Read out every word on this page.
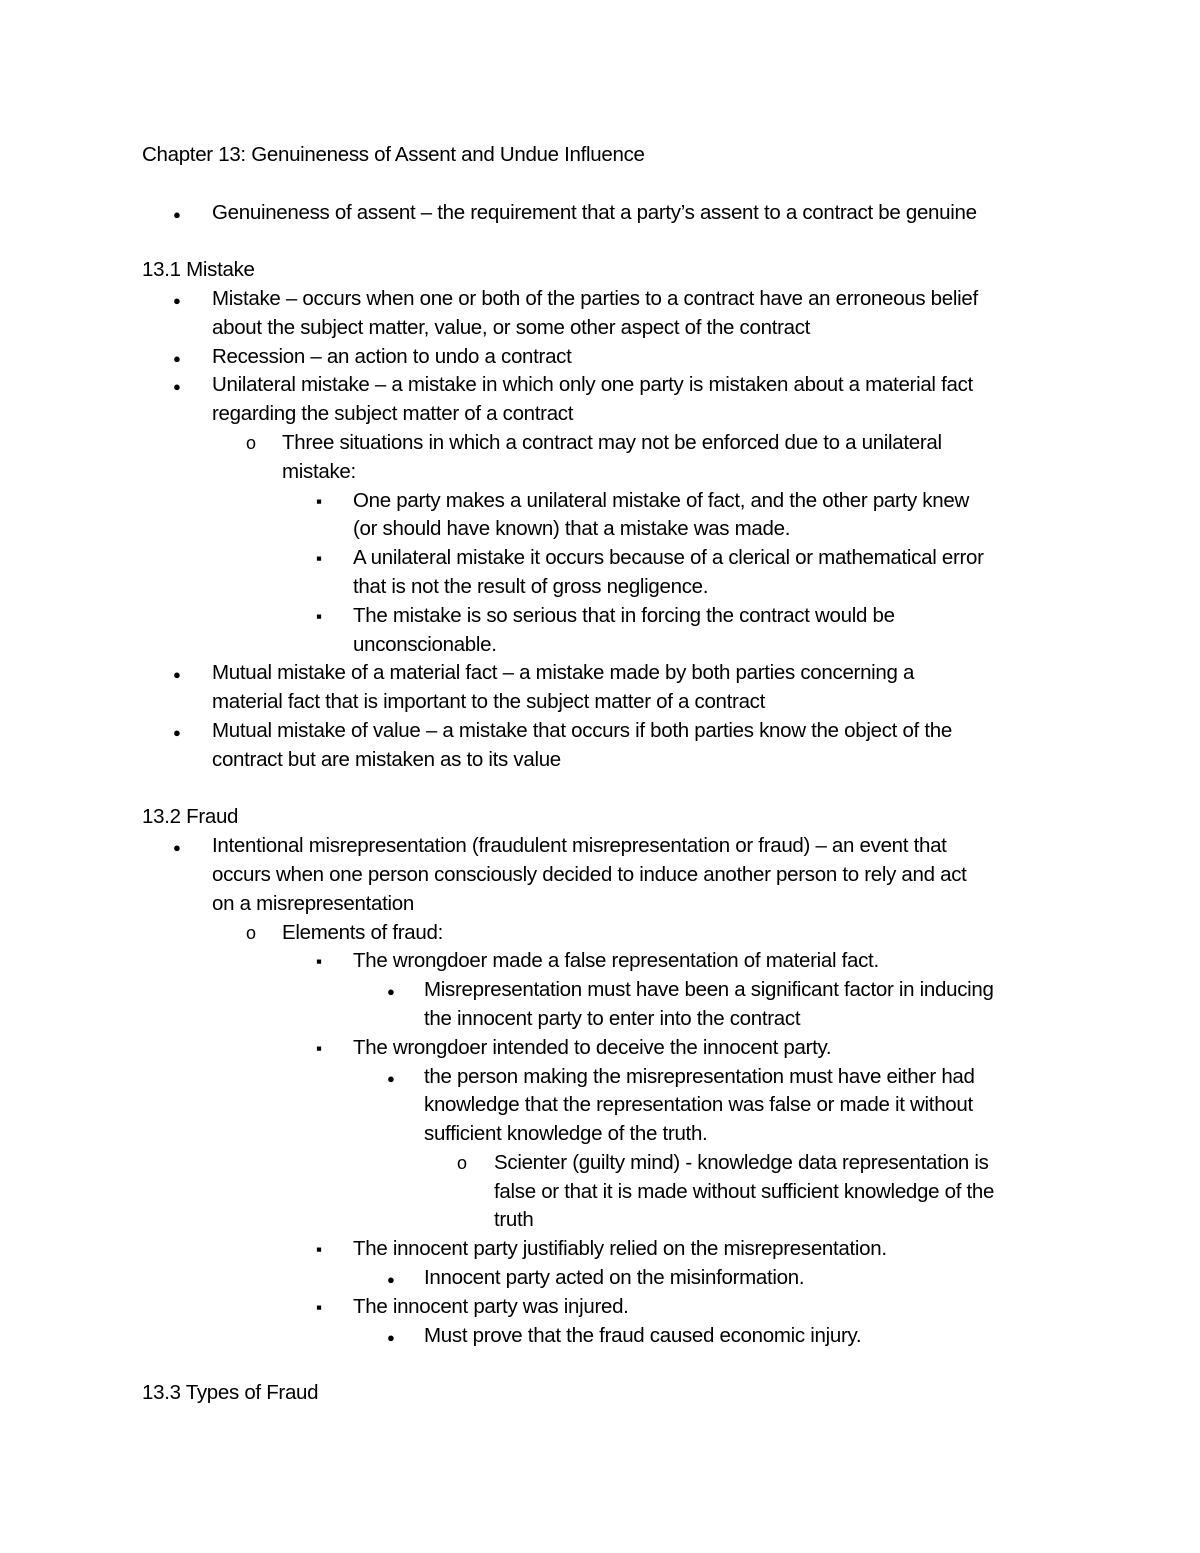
Chapter 13: Genuineness of Assent and Undue Influence
●
Genuineness of assent – the requirement that a party’s assent to a contract be genuine
13.1 Mistake
●
Mistake – occurs when one or both of the parties to a contract have an erroneous belief
about the subject matter, value, or some other aspect of the contract
●
Recession – an action to undo a contract
●
Unilateral mistake – a mistake in which only one party is mistaken about a material fact
regarding the subject matter of a contract
o
Three situations in which a contract may not be enforced due to a unilateral
mistake:
▪
One party makes a unilateral mistake of fact, and the other party knew
(or should have known) that a mistake was made.
▪
A unilateral mistake it occurs because of a clerical or mathematical error
that is not the result of gross negligence.
▪
The mistake is so serious that in forcing the contract would be
unconscionable.
●
Mutual mistake of a material fact – a mistake made by both parties concerning a
material fact that is important to the subject matter of a contract
●
Mutual mistake of value – a mistake that occurs if both parties know the object of the
contract but are mistaken as to its value
13.2 Fraud
●
Intentional misrepresentation (fraudulent misrepresentation or fraud) – an event that
occurs when one person consciously decided to induce another person to rely and act
on a misrepresentation
o
Elements of fraud:
▪
The wrongdoer made a false representation of material fact.
●
Misrepresentation must have been a significant factor in inducing
the innocent party to enter into the contract
▪
The wrongdoer intended to deceive the innocent party.
●
the person making the misrepresentation must have either had
knowledge that the representation was false or made it without
sufficient knowledge of the truth.
o
Scienter (guilty mind) - knowledge data representation is
false or that it is made without sufficient knowledge of the
truth
▪
The innocent party justifiably relied on the misrepresentation.
●
Innocent party acted on the misinformation.
▪
The innocent party was injured.
●
Must prove that the fraud caused economic injury.
13.3 Types of Fraud
